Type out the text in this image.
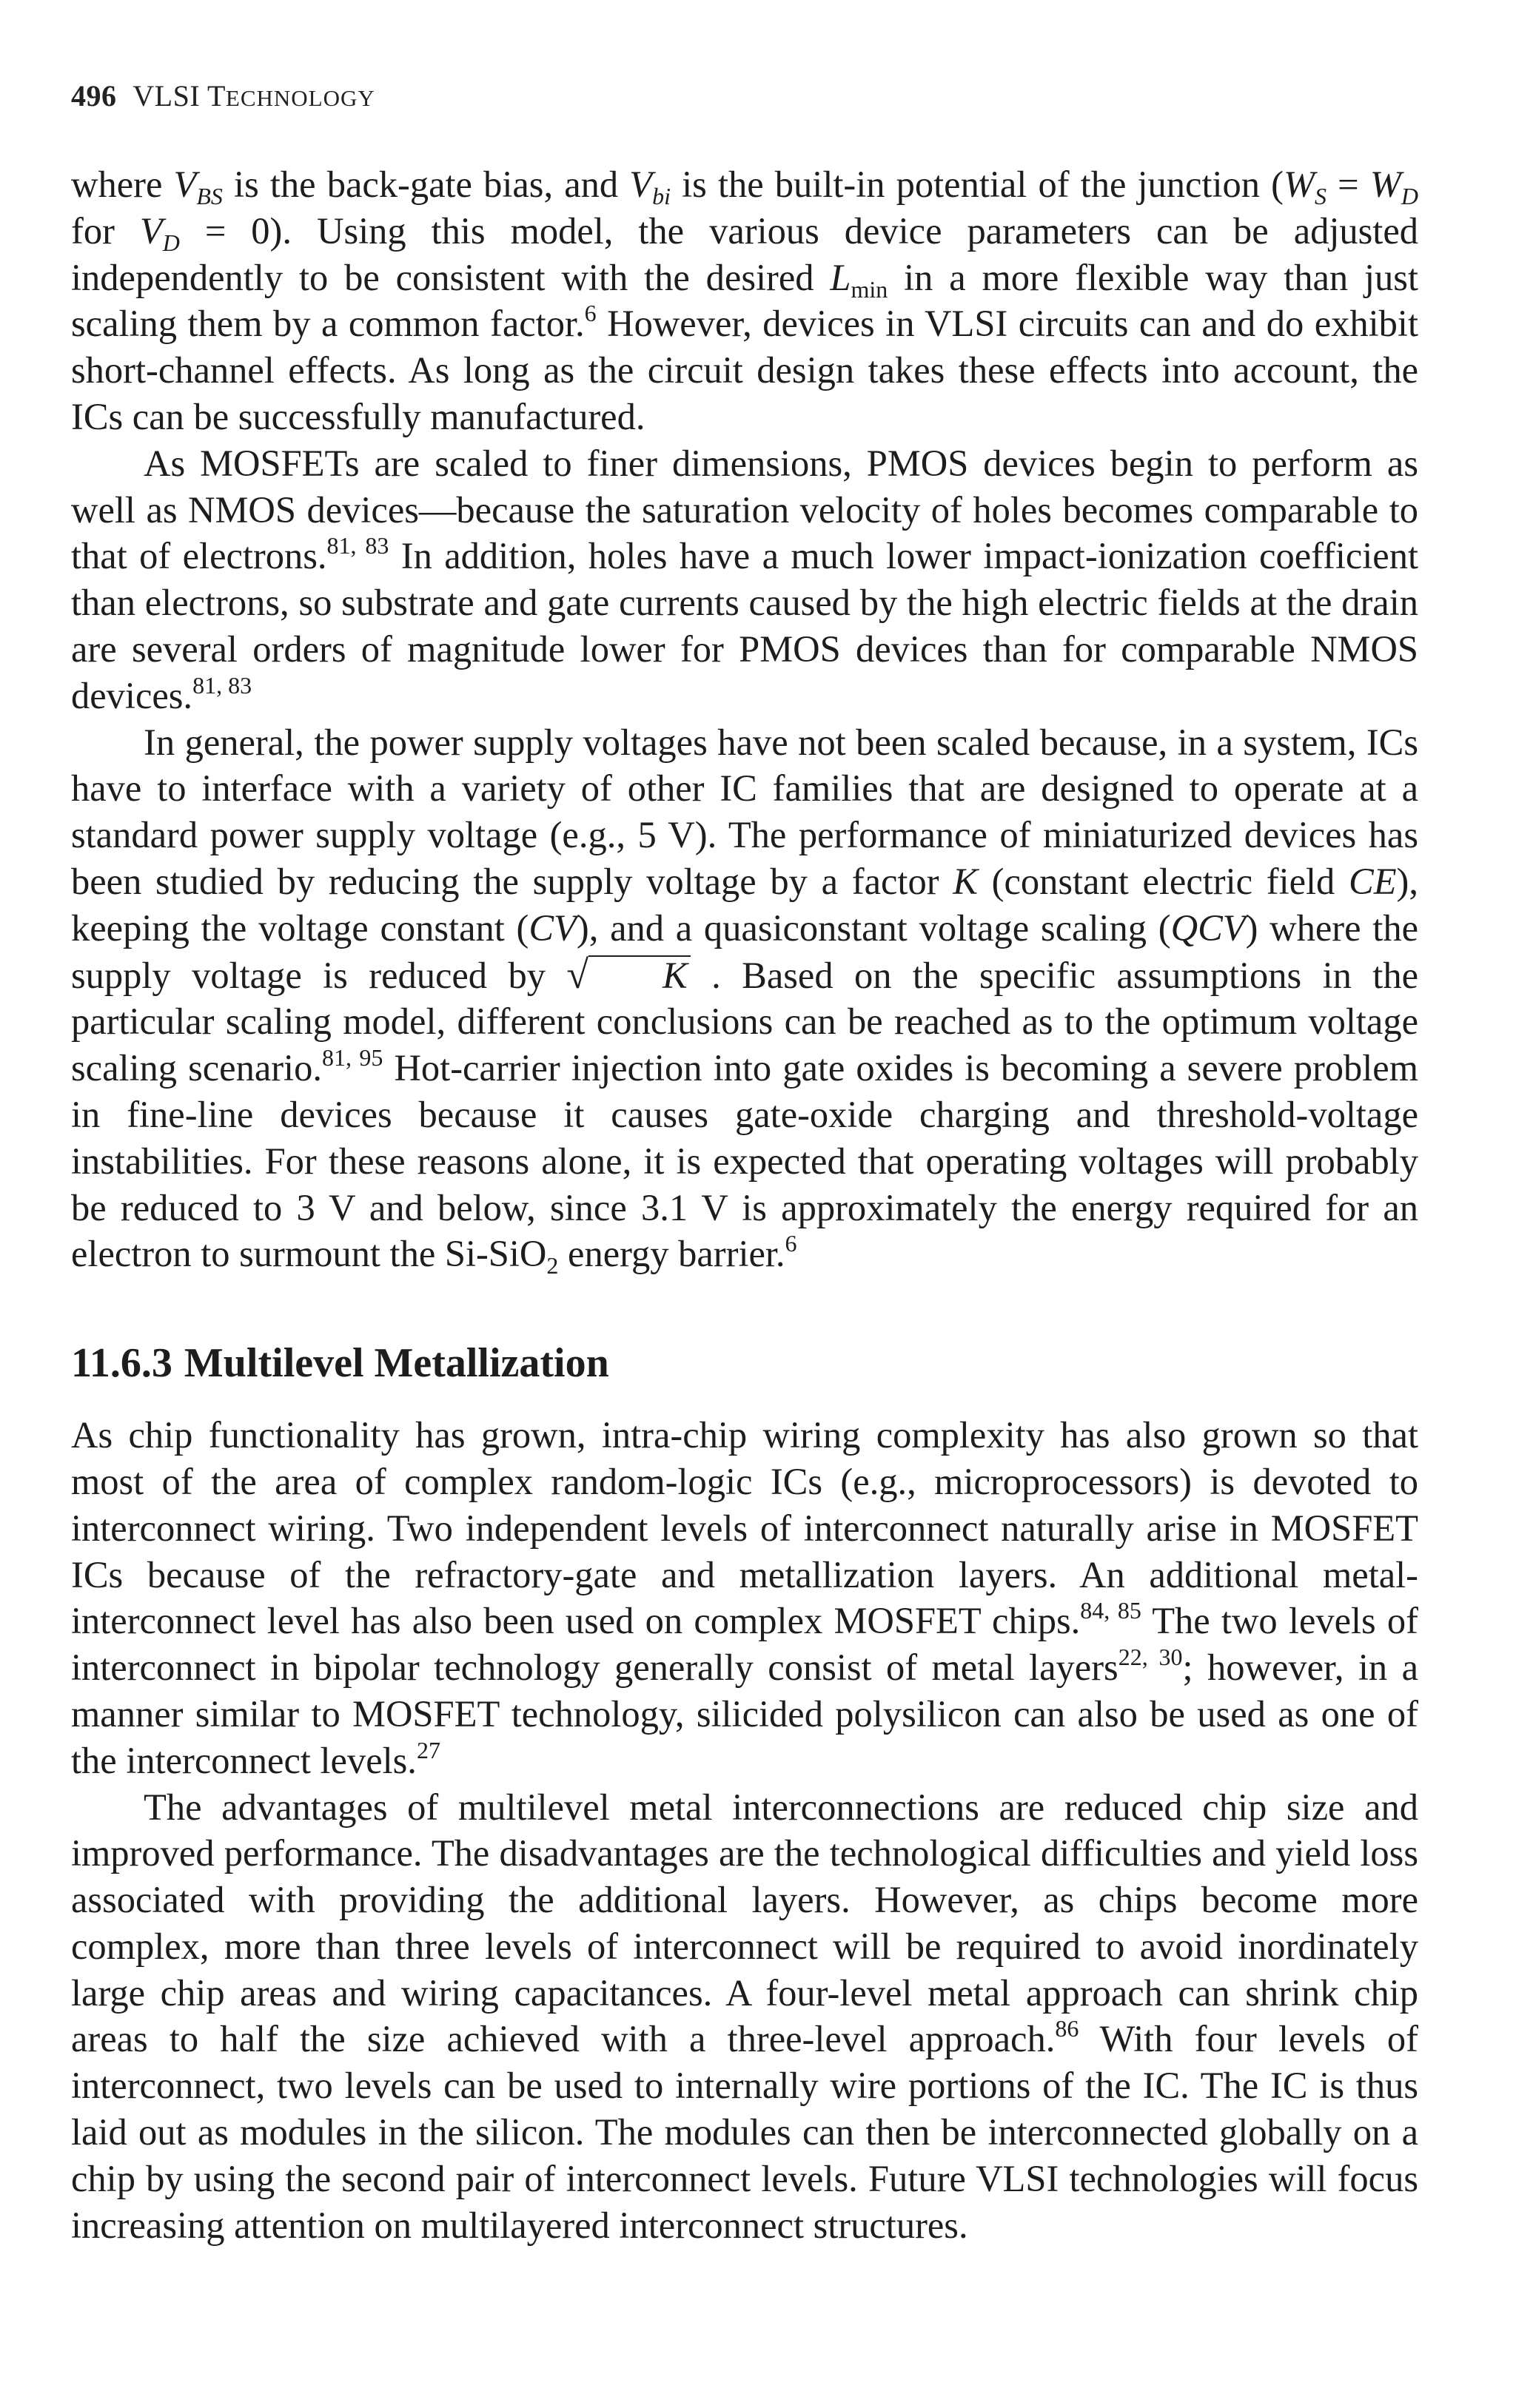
496 VLSI TECHNOLOGY

where $V_{BS}$ is the back-gate bias, and $V_{bi}$ is the built-in potential of the junction ($W_S = W_D$ for $V_D = 0$). Using this model, the various device parameters can be adjusted independently to be consistent with the desired $L_{min}$ in a more flexible way than just scaling them by a common factor.$^6$ However, devices in VLSI circuits can and do exhibit short-channel effects. As long as the circuit design takes these effects into account, the ICs can be successfully manufactured.

As MOSFETs are scaled to finer dimensions, PMOS devices begin to perform as well as NMOS devices—because the saturation velocity of holes becomes comparable to that of electrons.$^{81, 83}$ In addition, holes have a much lower impact-ionization coefficient than electrons, so substrate and gate currents caused by the high electric fields at the drain are several orders of magnitude lower for PMOS devices than for comparable NMOS devices.$^{81, 83}$

In general, the power supply voltages have not been scaled because, in a system, ICs have to interface with a variety of other IC families that are designed to operate at a standard power supply voltage (e.g., 5 V). The performance of miniaturized devices has been studied by reducing the supply voltage by a factor K (constant electric field CE), keeping the voltage constant (CV), and a quasiconstant voltage scaling (QCV) where the supply voltage is reduced by √ K . Based on the specific assumptions in the particular scaling model, different conclusions can be reached as to the optimum voltage scaling scenario.$^{81, 95}$ Hot-carrier injection into gate oxides is becoming a severe problem in fine-line devices because it causes gate-oxide charging and threshold-voltage instabilities. For these reasons alone, it is expected that operating voltages will probably be reduced to 3 V and below, since 3.1 V is approximately the energy required for an electron to surmount the Si-SiO$_2$ energy barrier.$^6$

11.6.3 Multilevel Metallization

As chip functionality has grown, intra-chip wiring complexity has also grown so that most of the area of complex random-logic ICs (e.g., microprocessors) is devoted to interconnect wiring. Two independent levels of interconnect naturally arise in MOSFET ICs because of the refractory-gate and metallization layers. An additional metal-interconnect level has also been used on complex MOSFET chips.$^{84, 85}$ The two levels of interconnect in bipolar technology generally consist of metal layers$^{22, 30}$; however, in a manner similar to MOSFET technology, silicided polysilicon can also be used as one of the interconnect levels.$^{27}$

The advantages of multilevel metal interconnections are reduced chip size and improved performance. The disadvantages are the technological difficulties and yield loss associated with providing the additional layers. However, as chips become more complex, more than three levels of interconnect will be required to avoid inordinately large chip areas and wiring capacitances. A four-level metal approach can shrink chip areas to half the size achieved with a three-level approach.$^{86}$ With four levels of interconnect, two levels can be used to internally wire portions of the IC. The IC is thus laid out as modules in the silicon. The modules can then be interconnected globally on a chip by using the second pair of interconnect levels. Future VLSI technologies will focus increasing attention on multilayered interconnect structures.
